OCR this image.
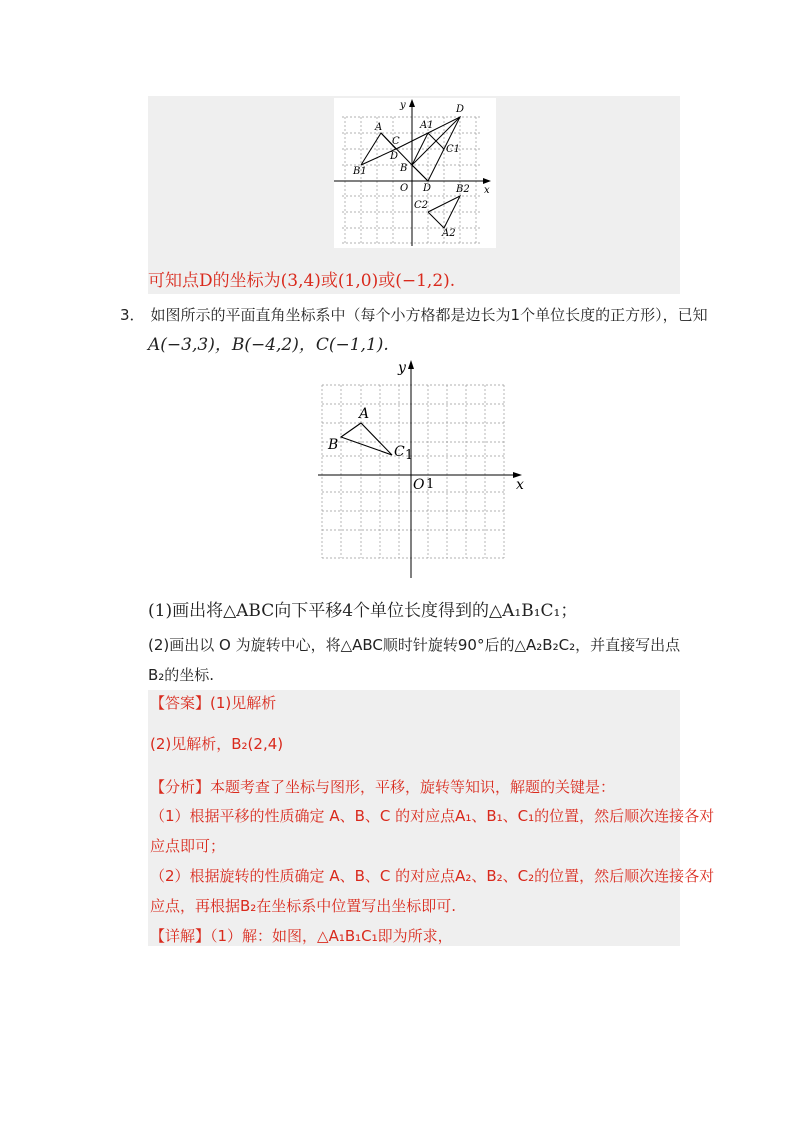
y
x
O
A	A1
D
C
C1
D
B
B1
D B2
C2
A2
可知点D的坐标为(3,4)或(1,0)或(−1,2).
3． 如图所示的平面直角坐标系中（每个小方格都是边长为1个单位长度的正方形），已知
A(−3,3)，B(−4,2)，C(−1,1).
y
x
O
A
B	C
1
1
(1)画出将△ABC向下平移4个单位长度得到的△A₁B₁C₁；
(2)画出以 O 为旋转中心，将△ABC顺时针旋转90°后的△A₂B₂C₂，并直接写出点
B₂的坐标.
【答案】(1)见解析
(2)见解析，B₂(2,4)
【分析】本题考查了坐标与图形，平移，旋转等知识，解题的关键是：
（1）根据平移的性质确定 A、B、C 的对应点A₁、B₁、C₁的位置，然后顺次连接各对
应点即可；
（2）根据旋转的性质确定 A、B、C 的对应点A₂、B₂、C₂的位置，然后顺次连接各对
应点，再根据B₂在坐标系中位置写出坐标即可.
【详解】（1）解：如图，△A₁B₁C₁即为所求，
